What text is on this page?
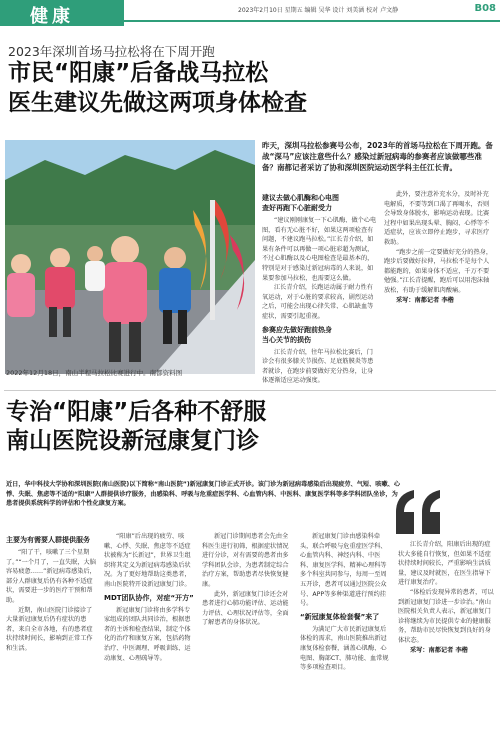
健康	2023年2月10日 星期五 编辑 吴华 设计 刘美涵 校对 卢文静	B08
2023年深圳首场马拉松将在下周开跑
市民“阳康”后备战马拉松
医生建议先做这两项身体检查
2022年12月18日，南山半程马拉松比赛进行中。南都资料图
昨天，深圳马拉松参赛号公布，2023年的首场马拉松在下周开跑。备战“深马”应该注意些什么？感染过新冠病毒的参赛者应该做哪些准备？南都记者采访了协和深圳医院运动医学科主任江长青。

建议去做心肌酶和心电图
查好再跑下心脏耐受力

“建议刚刚康复一下心肌酶、做个心电图，看有无心脏不好，如果这两项检查有问题，不建议跑马拉松。”江长青介绍，如果有条件可以再做一项心脏彩超为测试，不过心肌酶以及心电图检查是最基本的，特别是对于感染过新冠病毒的人来说，如果要参加马拉松，也需要这么做。

江长青介绍，长跑运动属于耐力性有氧运动，对于心脏的要求较高，剧烈运动之后，可能会出现心律失常、心肌缺血等症状，需要引起重视。

参赛应先做好跑前热身
当心关节的损伤

江长青介绍，往年马拉松比赛后，门诊会有很多膝关节损伤、足底筋膜炎等患者就诊，在跑步前要做好充分热身，让身体逐渐适应运动强度。

此外，要注意补充水分，及时补充电解质，不要等到口渴了再喝水，否则会导致身体脱水，影响运动表现。比赛过程中如果出现头晕、胸闷、心悸等不适症状，应该立即停止跑步，寻求医疗救助。

“跑步之前一定要做好充分的热身，跑步后要做好拉伸，马拉松不是每个人都能跑的，如果身体不适应，千万不要勉强。”江长青提醒，跑后可以用泡沫轴放松，有助于缓解肌肉酸痛。

采写：南都记者 李楷

专治“阳康”后各种不舒服
南山医院设新冠康复门诊
近日，华中科技大学协和深圳医院(南山医院)以下简称“南山医院”)新冠康复门诊正式开诊。该门诊为新冠病毒感染后出现疲劳、气短、咳嗽、心悸、失眠、焦虑等不适的“阳康”人群提供诊疗服务，由感染科、呼吸与危重症医学科、心血管内科、中医科、康复医学科等多学科团队坐诊，为患者提供系统科学的评估和个性化康复方案。

主要为有需要人群提供服务

“阳了干，咳嗽了三个星期了。”“一个月了，一直失眠，大脑容易疲惫……”新冠病毒感染后，部分人群康复后仍有各种不适症状，需要进一步的医疗干预和帮助。

近期，南山医院门诊接诊了大量新冠康复后仍有症状的患者，来自全市各地，有的患者症状持续时间长，影响到正常工作和生活。

“阳康”后出现的疲劳、咳嗽、心悸、失眠、焦虑等不适症状被称为“长新冠”，世界卫生组织将其定义为新冠病毒感染后状况。为了更好地帮助这类患者，南山医院特开设新冠康复门诊。

MDT团队协作，对症“开方”

新冠康复门诊将由多学科专家组成的团队共同诊治，根据患者的主诉和检查结果，制定个体化的治疗和康复方案，包括药物治疗、中医调理、呼吸训练、运动康复、心理疏导等。

新冠门诊期间患者会先由全科医生进行初筛，根据症状情况进行分诊，对有需要的患者由多学科团队会诊，为患者制定综合治疗方案，帮助患者尽快恢复健康。

此外，新冠康复门诊还会对患者进行心肺功能评估、运动能力评估、心理状况评估等，全面了解患者的身体状况。

新冠康复门诊由感染科牵头，联合呼吸与危重症医学科、心血管内科、神经内科、中医科、康复医学科、精神心理科等多个科室共同参与，每周一至周五开诊，患者可以通过医院公众号、APP等多种渠道进行预约挂号。

“新冠康复体检套餐”来了

为满足广大市民新冠康复后体检的需求，南山医院推出新冠康复体检套餐，涵盖心肌酶、心电图、胸部CT、肺功能、血常规等多项检查项目。

江长青介绍，阳康后出现的症状大多能自行恢复，但如果不适症状持续时间较长，严重影响生活质量，建议及时就医，在医生指导下进行康复治疗。

“体检后发现异常的患者，可以到新冠康复门诊进一步诊治。”南山医院相关负责人表示，新冠康复门诊将继续为市民提供专业的健康服务，帮助市民尽快恢复到良好的身体状态。

采写：南都记者 李楷
